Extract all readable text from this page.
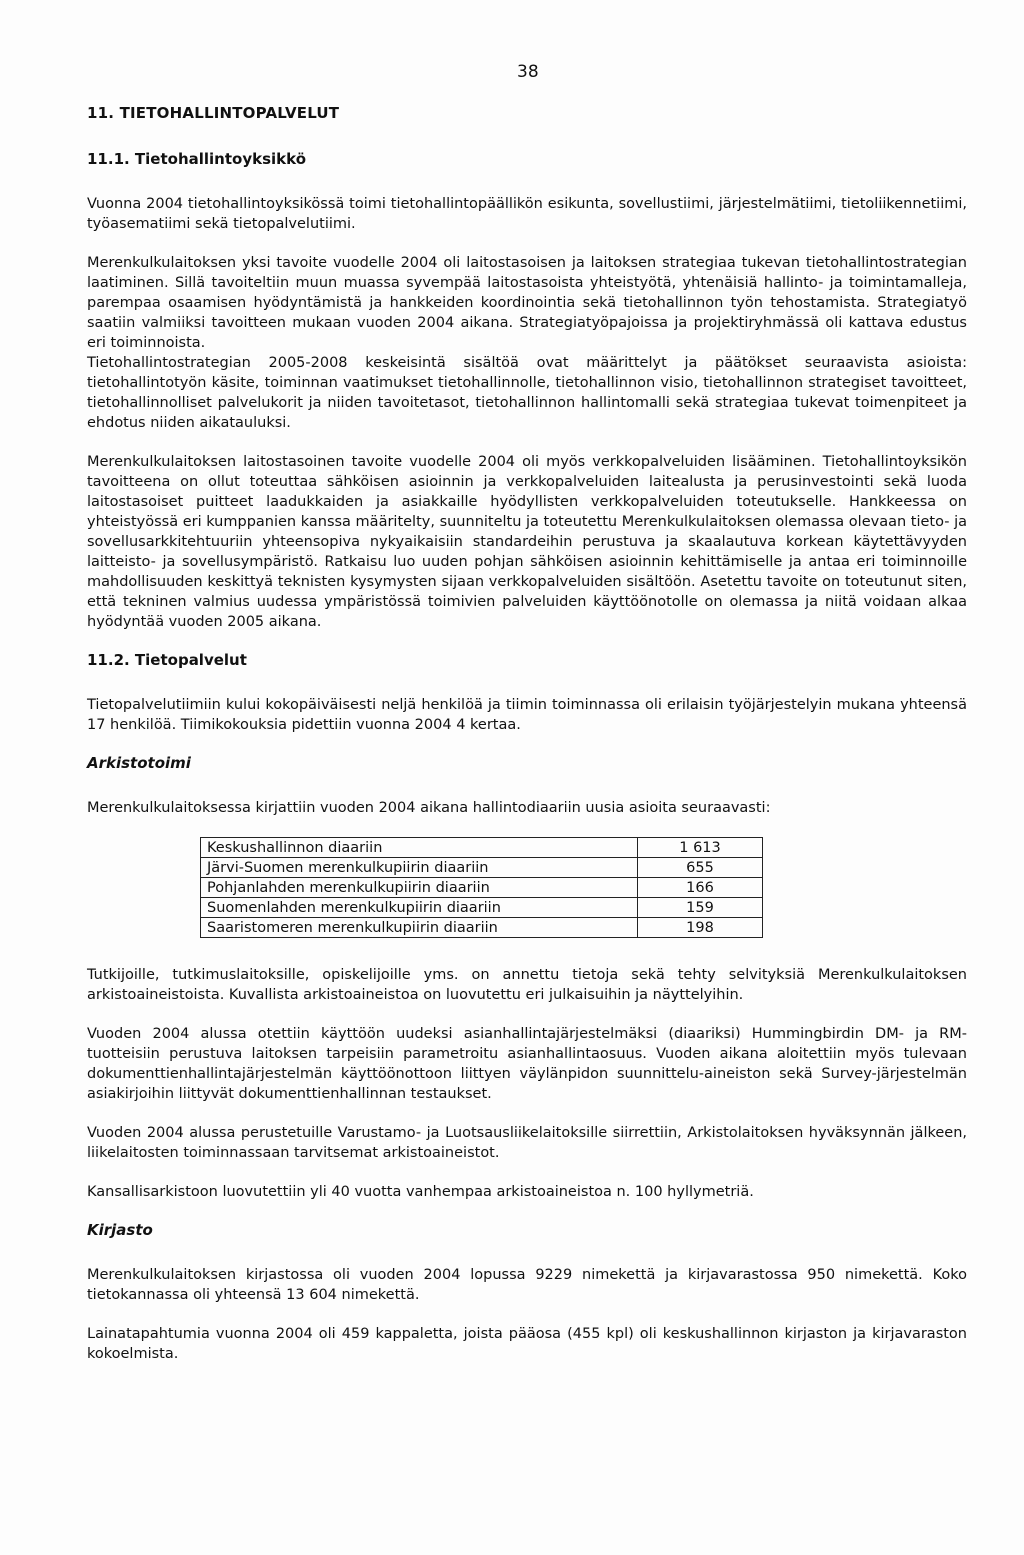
38
11. TIETOHALLINTOPALVELUT
11.1. Tietohallintoyksikkö

Vuonna 2004 tietohallintoyksikössä toimi tietohallintopäällikön esikunta, sovellustiimi, järjestelmätiimi, tietoliikennetiimi, työasematiimi sekä tietopalvelutiimi.

Merenkulkulaitoksen yksi tavoite vuodelle 2004 oli laitostasoisen ja laitoksen strategiaa tukevan tietohallintostrategian laatiminen. Sillä tavoiteltiin muun muassa syvempää laitostasoista yhteistyötä, yhtenäisiä hallinto- ja toimintamalleja, parempaa osaamisen hyödyntämistä ja hankkeiden koordinointia sekä tietohallinnon työn tehostamista. Strategiatyö saatiin valmiiksi tavoitteen mukaan vuoden 2004 aikana. Strategiatyöpajoissa ja projektiryhmässä oli kattava edustus eri toiminnoista.

Tietohallintostrategian 2005-2008 keskeisintä sisältöä ovat määrittelyt ja päätökset seuraavista asioista: tietohallintotyön käsite, toiminnan vaatimukset tietohallinnolle, tietohallinnon visio, tietohallinnon strategiset tavoitteet, tietohallinnolliset palvelukorit ja niiden tavoitetasot, tietohallinnon hallintomalli sekä strategiaa tukevat toimenpiteet ja ehdotus niiden aikatauluksi.

Merenkulkulaitoksen laitostasoinen tavoite vuodelle 2004 oli myös verkkopalveluiden lisääminen. Tietohallintoyksikön tavoitteena on ollut toteuttaa sähköisen asioinnin ja verkkopalveluiden laitealusta ja perusinvestointi sekä luoda laitostasoiset puitteet laadukkaiden ja asiakkaille hyödyllisten verkkopalveluiden toteutukselle. Hankkeessa on yhteistyössä eri kumppanien kanssa määritelty, suunniteltu ja toteutettu Merenkulkulaitoksen olemassa olevaan tieto- ja sovellusarkkitehtuuriin yhteensopiva nykyaikaisiin standardeihin perustuva ja skaalautuva korkean käytettävyyden laitteisto- ja sovellusympäristö. Ratkaisu luo uuden pohjan sähköisen asioinnin kehittämiselle ja antaa eri toiminnoille mahdollisuuden keskittyä teknisten kysymysten sijaan verkkopalveluiden sisältöön. Asetettu tavoite on toteutunut siten, että tekninen valmius uudessa ympäristössä toimivien palveluiden käyttöönotolle on olemassa ja niitä voidaan alkaa hyödyntää vuoden 2005 aikana.

11.2. Tietopalvelut

Tietopalvelutiimiin kului kokopäiväisesti neljä henkilöä ja tiimin toiminnassa oli erilaisin työjärjestelyin mukana yhteensä 17 henkilöä. Tiimikokouksia pidettiin vuonna 2004 4 kertaa.

Arkistotoimi

Merenkulkulaitoksessa kirjattiin vuoden 2004 aikana hallintodiaariin uusia asioita seuraavasti:

Keskushallinnon diaariin	1 613
Järvi-Suomen merenkulkupiirin diaariin	655
Pohjanlahden merenkulkupiirin diaariin	166
Suomenlahden merenkulkupiirin diaariin	159
Saaristomeren merenkulkupiirin diaariin	198

Tutkijoille, tutkimuslaitoksille, opiskelijoille yms. on annettu tietoja sekä tehty selvityksiä Merenkulkulaitoksen arkistoaineistoista. Kuvallista arkistoaineistoa on luovutettu eri julkaisuihin ja näyttelyihin.

Vuoden 2004 alussa otettiin käyttöön uudeksi asianhallintajärjestelmäksi (diaariksi) Hummingbirdin DM- ja RM- tuotteisiin perustuva laitoksen tarpeisiin parametroitu asianhallintaosuus. Vuoden aikana aloitettiin myös tulevaan dokumenttienhallintajärjestelmän käyttöönottoon liittyen väylänpidon suunnittelu-aineiston sekä Survey-järjestelmän asiakirjoihin liittyvät dokumenttienhallinnan testaukset.

Vuoden 2004 alussa perustetuille Varustamo- ja Luotsausliikelaitoksille siirrettiin, Arkistolaitoksen hyväksynnän jälkeen, liikelaitosten toiminnassaan tarvitsemat arkistoaineistot.

Kansallisarkistoon luovutettiin yli 40 vuotta vanhempaa arkistoaineistoa n. 100 hyllymetriä.

Kirjasto

Merenkulkulaitoksen kirjastossa oli vuoden 2004 lopussa 9229 nimekettä ja kirjavarastossa 950 nimekettä. Koko tietokannassa oli yhteensä 13 604 nimekettä.

Lainatapahtumia vuonna 2004 oli 459 kappaletta, joista pääosa (455 kpl) oli keskushallinnon kirjaston ja kirjavaraston kokoelmista.
